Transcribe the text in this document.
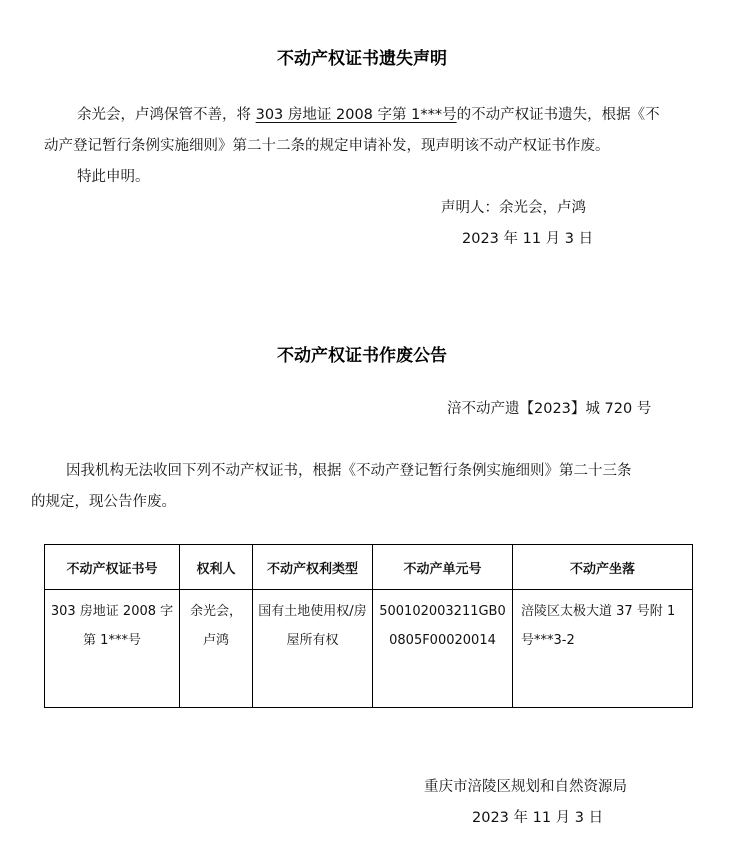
不动产权证书遗失声明
余光会，卢鸿保管不善，将 303 房地证 2008 字第 1***号的不动产权证书遗失，根据《不
动产登记暂行条例实施细则》第二十二条的规定申请补发，现声明该不动产权证书作废。
特此申明。
声明人：余光会，卢鸿
2023 年 11 月 3 日
不动产权证书作废公告
涪不动产遗【2023】城 720 号
因我机构无法收回下列不动产权证书，根据《不动产登记暂行条例实施细则》第二十三条
的规定，现公告作废。
不动产权证书号	权利人	不动产权利类型	不动产单元号	不动产坐落
303 房地证 2008 字第 1***号	余光会，卢鸿	国有土地使用权/房屋所有权	500102003211GB00805F00020014	涪陵区太极大道 37 号附 1 号***3-2
重庆市涪陵区规划和自然资源局
2023 年 11 月 3 日
